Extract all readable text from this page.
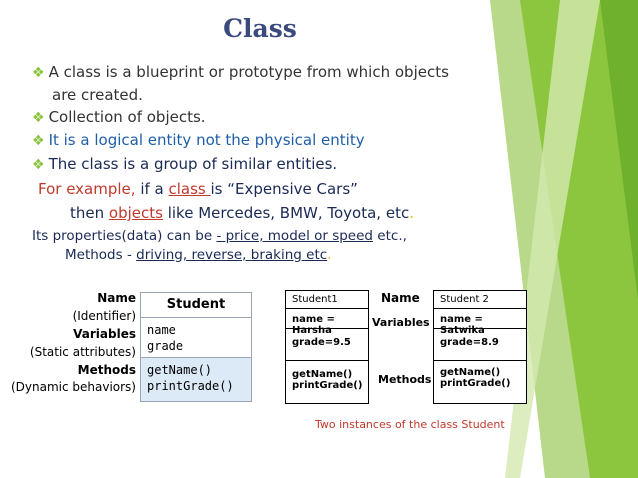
Class
❖ A class is a blueprint or prototype from which objects
are created.
❖ Collection of objects.
❖ It is a logical entity not the physical entity
❖ The class is a group of similar entities.
For example, if a class is “Expensive Cars”
then objects like Mercedes, BMW, Toyota, etc.
Its properties(data) can be - price, model or speed etc.,
Methods - driving, reverse, braking etc.
Name
(Identifier)
Variables
(Static attributes)
Methods
(Dynamic behaviors)
Student
name
grade
getName()
printGrade()
Student1
name = Harsha
grade=9.5
getName()
printGrade()
Name
Variables
Methods
Student 2
name = Satwika
grade=8.9
getName()
printGrade()
Two instances of the class Student
